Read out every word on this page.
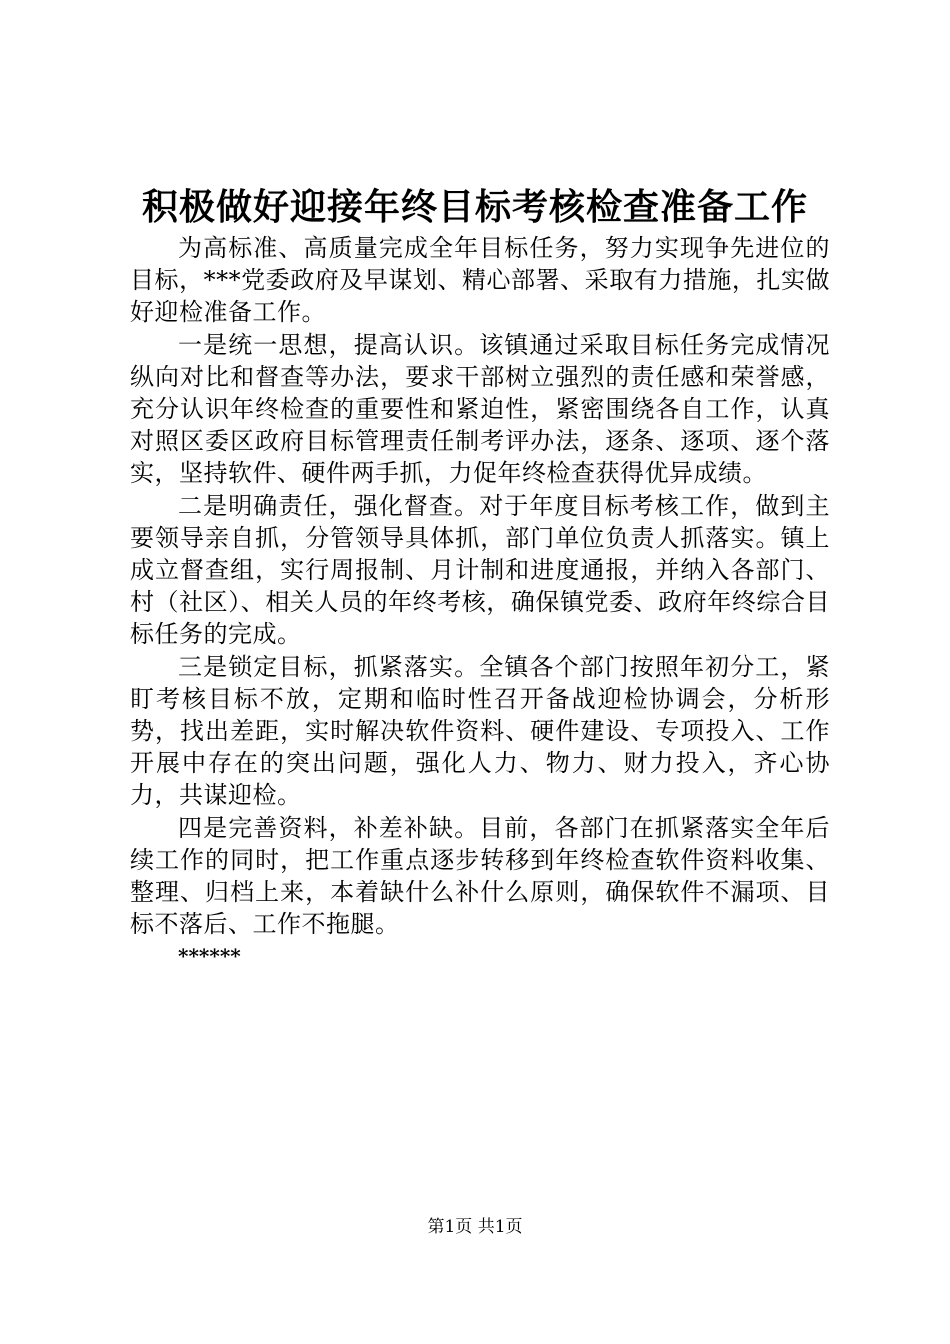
积极做好迎接年终目标考核检查准备工作

为高标准、高质量完成全年目标任务，努力实现争先进位的目标，***党委政府及早谋划、精心部署、采取有力措施，扎实做好迎检准备工作。

一是统一思想，提高认识。该镇通过采取目标任务完成情况纵向对比和督查等办法，要求干部树立强烈的责任感和荣誉感，充分认识年终检查的重要性和紧迫性，紧密围绕各自工作，认真对照区委区政府目标管理责任制考评办法，逐条、逐项、逐个落实，坚持软件、硬件两手抓，力促年终检查获得优异成绩。

二是明确责任，强化督查。对于年度目标考核工作，做到主要领导亲自抓，分管领导具体抓，部门单位负责人抓落实。镇上成立督查组，实行周报制、月计制和进度通报，并纳入各部门、村（社区）、相关人员的年终考核，确保镇党委、政府年终综合目标任务的完成。

三是锁定目标，抓紧落实。全镇各个部门按照年初分工，紧盯考核目标不放，定期和临时性召开备战迎检协调会，分析形势，找出差距，实时解决软件资料、硬件建设、专项投入、工作开展中存在的突出问题，强化人力、物力、财力投入，齐心协力，共谋迎检。

四是完善资料，补差补缺。目前，各部门在抓紧落实全年后续工作的同时，把工作重点逐步转移到年终检查软件资料收集、整理、归档上来，本着缺什么补什么原则，确保软件不漏项、目标不落后、工作不拖腿。

******

第1页 共1页
